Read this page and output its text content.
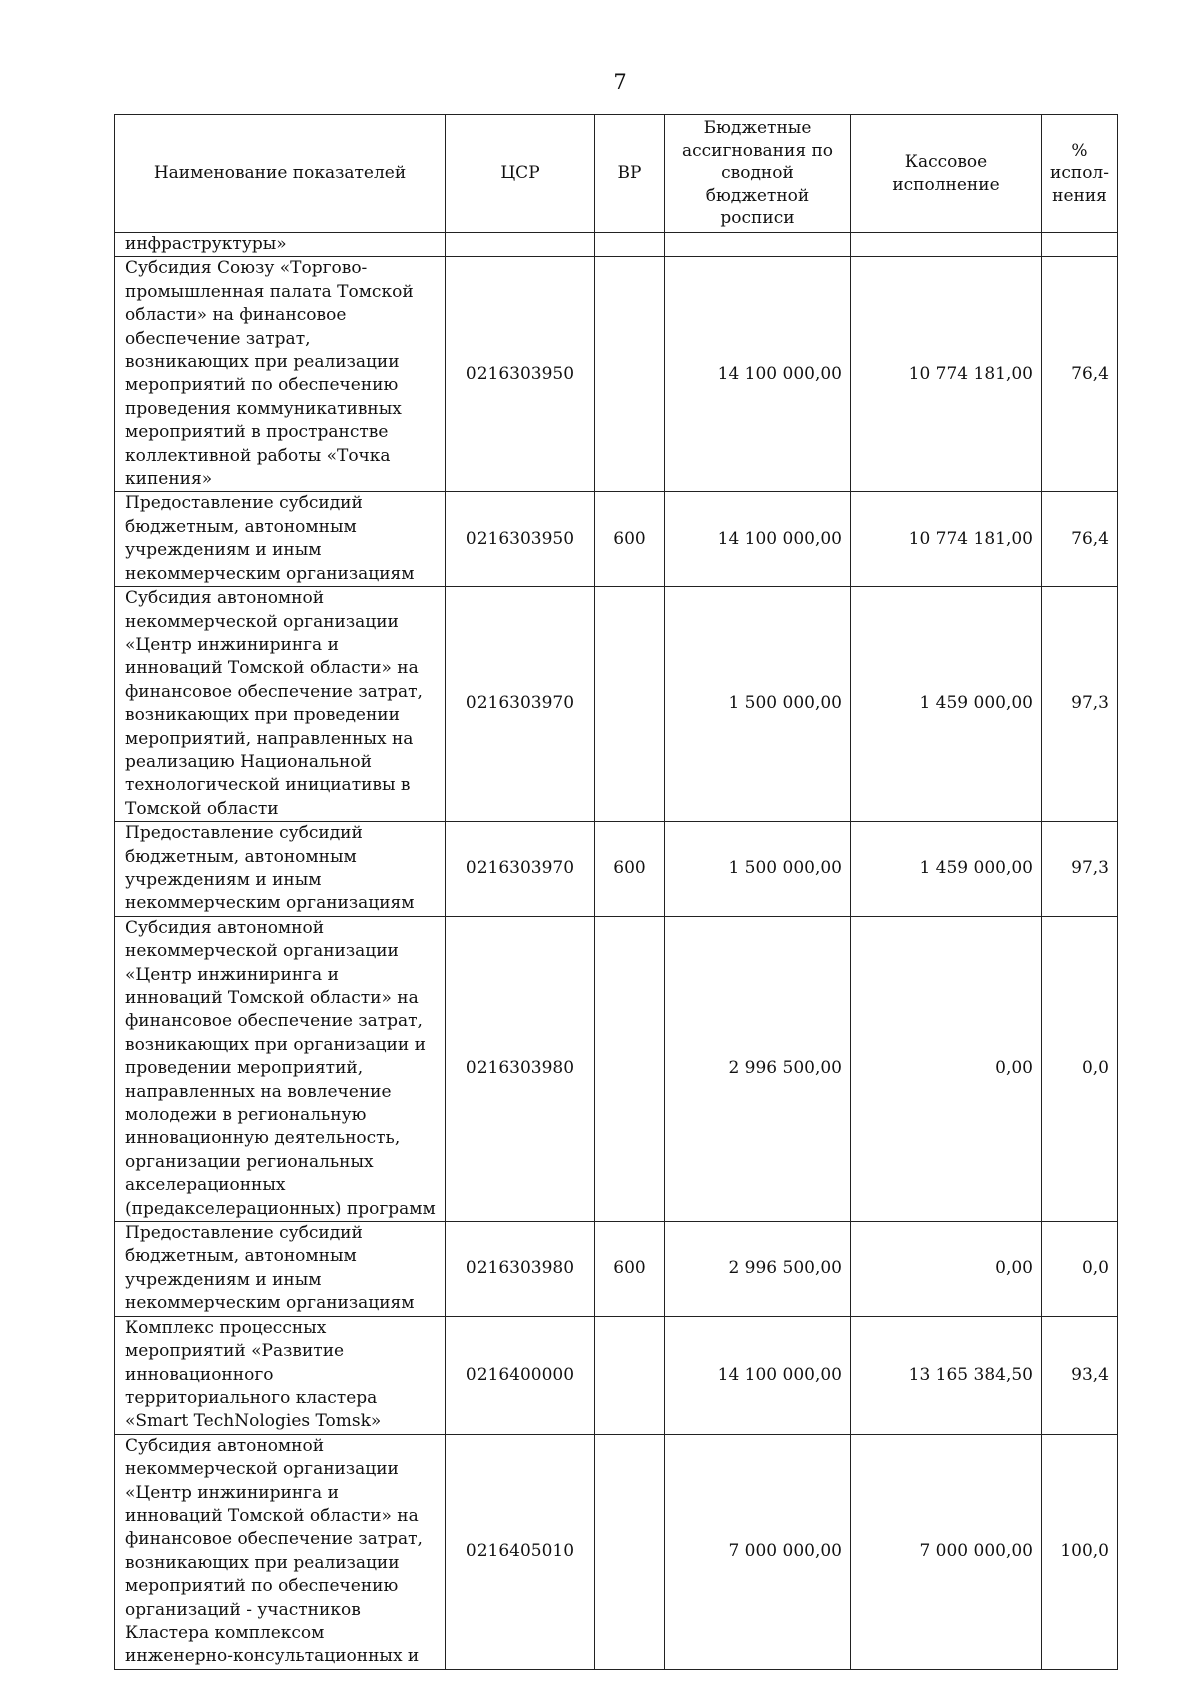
7
Наименование показателей	ЦСР	ВР	Бюджетные ассигнования по сводной бюджетной росписи	Кассовое исполнение	% испол-нения
инфраструктуры»					
Субсидия Союзу «Торгово-промышленная палата Томской области» на финансовое обеспечение затрат, возникающих при реализации мероприятий по обеспечению проведения коммуникативных мероприятий в пространстве коллективной работы «Точка кипения»	0216303950		14 100 000,00	10 774 181,00	76,4
Предоставление субсидий бюджетным, автономным учреждениям и иным некоммерческим организациям	0216303950	600	14 100 000,00	10 774 181,00	76,4
Субсидия автономной некоммерческой организации «Центр инжиниринга и инноваций Томской области» на финансовое обеспечение затрат, возникающих при проведении мероприятий, направленных на реализацию Национальной технологической инициативы в Томской области	0216303970		1 500 000,00	1 459 000,00	97,3
Предоставление субсидий бюджетным, автономным учреждениям и иным некоммерческим организациям	0216303970	600	1 500 000,00	1 459 000,00	97,3
Субсидия автономной некоммерческой организации «Центр инжиниринга и инноваций Томской области» на финансовое обеспечение затрат, возникающих при организации и проведении мероприятий, направленных на вовлечение молодежи в региональную инновационную деятельность, организации региональных акселерационных (предакселерационных) программ	0216303980		2 996 500,00	0,00	0,0
Предоставление субсидий бюджетным, автономным учреждениям и иным некоммерческим организациям	0216303980	600	2 996 500,00	0,00	0,0
Комплекс процессных мероприятий «Развитие инновационного территориального кластера «Smart TechNologies Tomsk»	0216400000		14 100 000,00	13 165 384,50	93,4
Субсидия автономной некоммерческой организации «Центр инжиниринга и инноваций Томской области» на финансовое обеспечение затрат, возникающих при реализации мероприятий по обеспечению организаций - участников Кластера комплексом инженерно-консультационных и	0216405010		7 000 000,00	7 000 000,00	100,0
